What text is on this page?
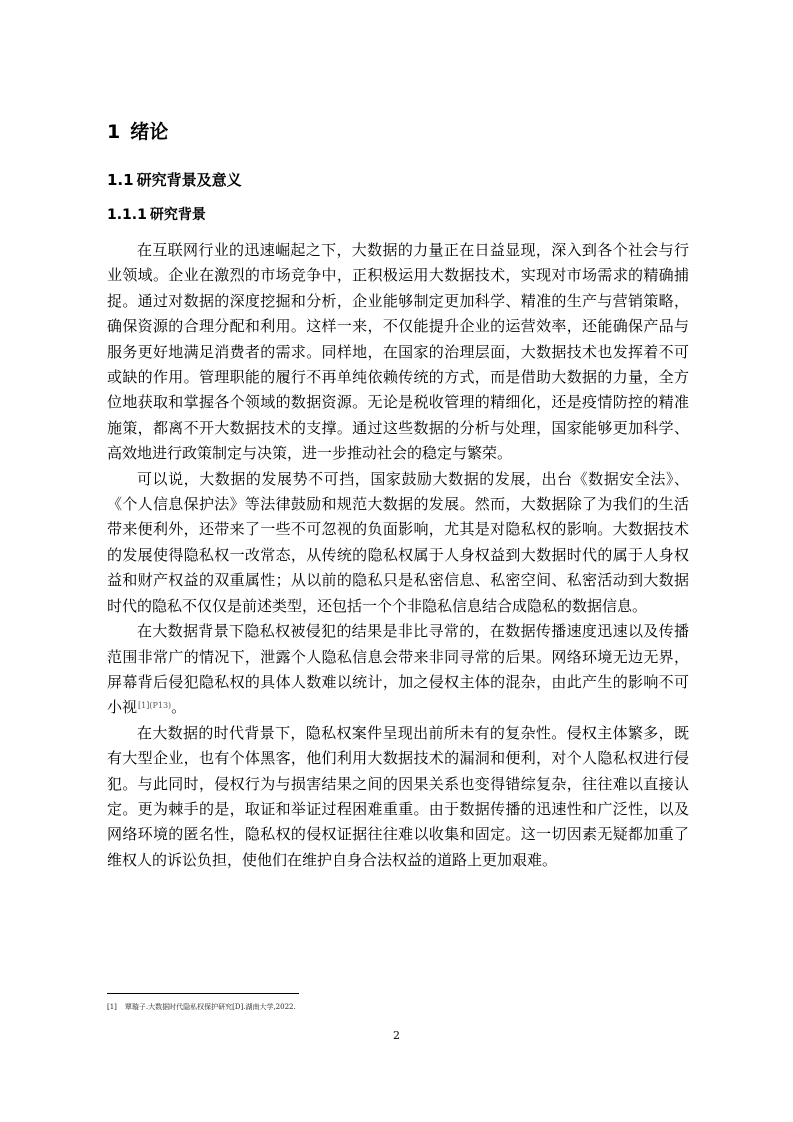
1 绪论
1.1 研究背景及意义
1.1.1 研究背景

在互联网行业的迅速崛起之下，大数据的力量正在日益显现，深入到各个社会与行业领域。企业在激烈的市场竞争中，正积极运用大数据技术，实现对市场需求的精确捕捉。通过对数据的深度挖掘和分析，企业能够制定更加科学、精准的生产与营销策略，确保资源的合理分配和利用。这样一来，不仅能提升企业的运营效率，还能确保产品与服务更好地满足消费者的需求。同样地，在国家的治理层面，大数据技术也发挥着不可或缺的作用。管理职能的履行不再单纯依赖传统的方式，而是借助大数据的力量，全方位地获取和掌握各个领域的数据资源。无论是税收管理的精细化，还是疫情防控的精准施策，都离不开大数据技术的支撑。通过这些数据的分析与处理，国家能够更加科学、高效地进行政策制定与决策，进一步推动社会的稳定与繁荣。

可以说，大数据的发展势不可挡，国家鼓励大数据的发展，出台《数据安全法》、《个人信息保护法》等法律鼓励和规范大数据的发展。然而，大数据除了为我们的生活带来便利外，还带来了一些不可忽视的负面影响，尤其是对隐私权的影响。大数据技术的发展使得隐私权一改常态，从传统的隐私权属于人身权益到大数据时代的属于人身权益和财产权益的双重属性；从以前的隐私只是私密信息、私密空间、私密活动到大数据时代的隐私不仅仅是前述类型，还包括一个个非隐私信息结合成隐私的数据信息。

在大数据背景下隐私权被侵犯的结果是非比寻常的，在数据传播速度迅速以及传播范围非常广的情况下，泄露个人隐私信息会带来非同寻常的后果。网络环境无边无界，屏幕背后侵犯隐私权的具体人数难以统计，加之侵权主体的混杂，由此产生的影响不可小视$^{[1](P13)}$。

在大数据的时代背景下，隐私权案件呈现出前所未有的复杂性。侵权主体繁多，既有大型企业，也有个体黑客，他们利用大数据技术的漏洞和便利，对个人隐私权进行侵犯。与此同时，侵权行为与损害结果之间的因果关系也变得错综复杂，往往难以直接认定。更为棘手的是，取证和举证过程困难重重。由于数据传播的迅速性和广泛性，以及网络环境的匿名性，隐私权的侵权证据往往难以收集和固定。这一切因素无疑都加重了维权人的诉讼负担，使他们在维护自身合法权益的道路上更加艰难。

[1] 覃璇子.大数据时代隐私权保护研究[D].湖南大学,2022.
2
